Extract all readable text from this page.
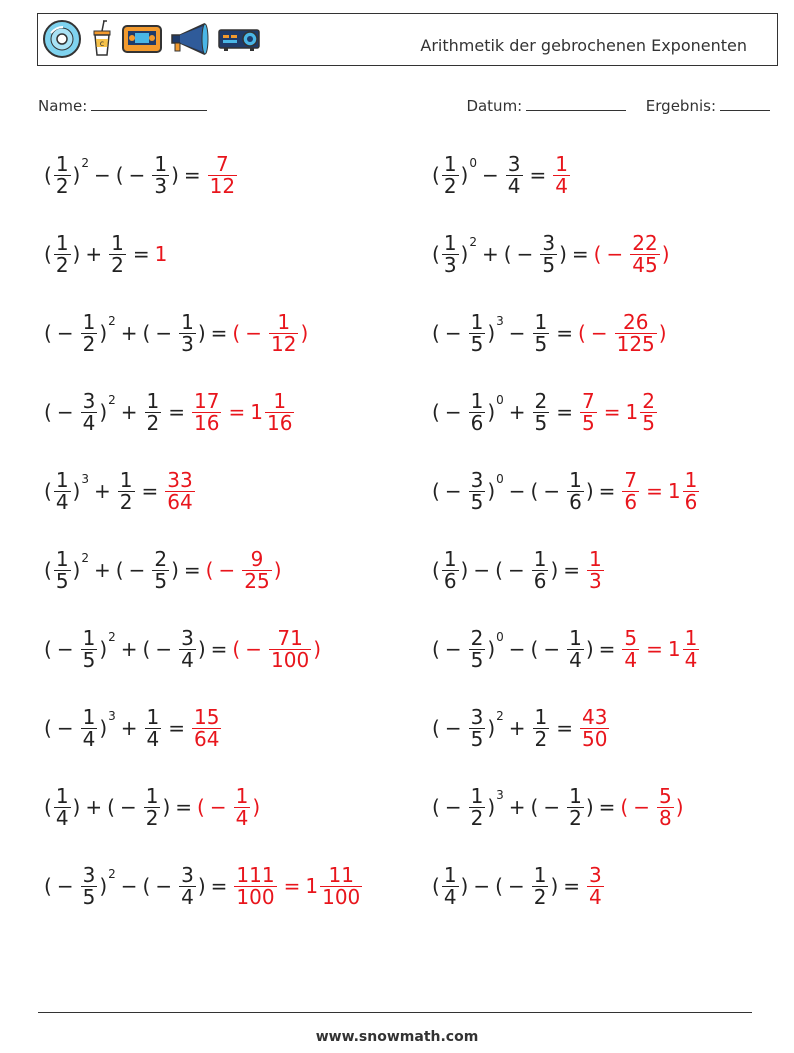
c	Arithmetik der gebrochenen Exponenten
Name:	Datum:	Ergebnis:
( $\frac{1}{2}$ ) 2 − ( − $\frac{1}{3}$ ) = $\frac{7}{12}$	( $\frac{1}{2}$ ) $0 - \frac{3}{4} = \frac{1}{4}$
( $\frac{1}{2}$ ) + $\frac{1}{2} = 1$	( $\frac{1}{3}$ ) 2 + ( − $\frac{3}{5}$ ) = ( − $\frac{22}{45}$ )
( − $\frac{1}{2}$ ) 2 + ( − $\frac{1}{3}$ ) = ( − $\frac{1}{12}$ )	( − $\frac{1}{5}$ ) $3 - \frac{1}{5}$ = ( − $\frac{26}{125}$ )
( − $\frac{3}{4}$ ) $2 + \frac{1}{2} = \frac{17}{16} = 1 \frac{1}{16}$	( − $\frac{1}{6}$ ) $0 + \frac{2}{5} = \frac{7}{5} = 1 \frac{2}{5}$
( $\frac{1}{4}$ ) $3 + \frac{1}{2} = \frac{33}{64}$	( − $\frac{3}{5}$ ) 0 − ( − $\frac{1}{6}$ ) = $\frac{7}{6} = 1 \frac{1}{6}$
( $\frac{1}{5}$ ) 2 + ( − $\frac{2}{5}$ ) = ( − $\frac{9}{25}$ )	( $\frac{1}{6}$ ) − ( − $\frac{1}{6}$ ) = $\frac{1}{3}$
( − $\frac{1}{5}$ ) 2 + ( − $\frac{3}{4}$ ) = ( − $\frac{71}{100}$ )	( − $\frac{2}{5}$ ) 0 − ( − $\frac{1}{4}$ ) = $\frac{5}{4} = 1 \frac{1}{4}$
( − $\frac{1}{4}$ ) $3 + \frac{1}{4} = \frac{15}{64}$	( − $\frac{3}{5}$ ) $2 + \frac{1}{2} = \frac{43}{50}$
( $\frac{1}{4}$ ) + ( − $\frac{1}{2}$ ) = ( − $\frac{1}{4}$ )	( − $\frac{1}{2}$ ) 3 + ( − $\frac{1}{2}$ ) = ( − $\frac{5}{8}$ )
( − $\frac{3}{5}$ ) 2 − ( − $\frac{3}{4}$ ) = $\frac{111}{100} = 1 \frac{11}{100}$	( $\frac{1}{4}$ ) − ( − $\frac{1}{2}$ ) = $\frac{3}{4}$
www.snowmath.com
